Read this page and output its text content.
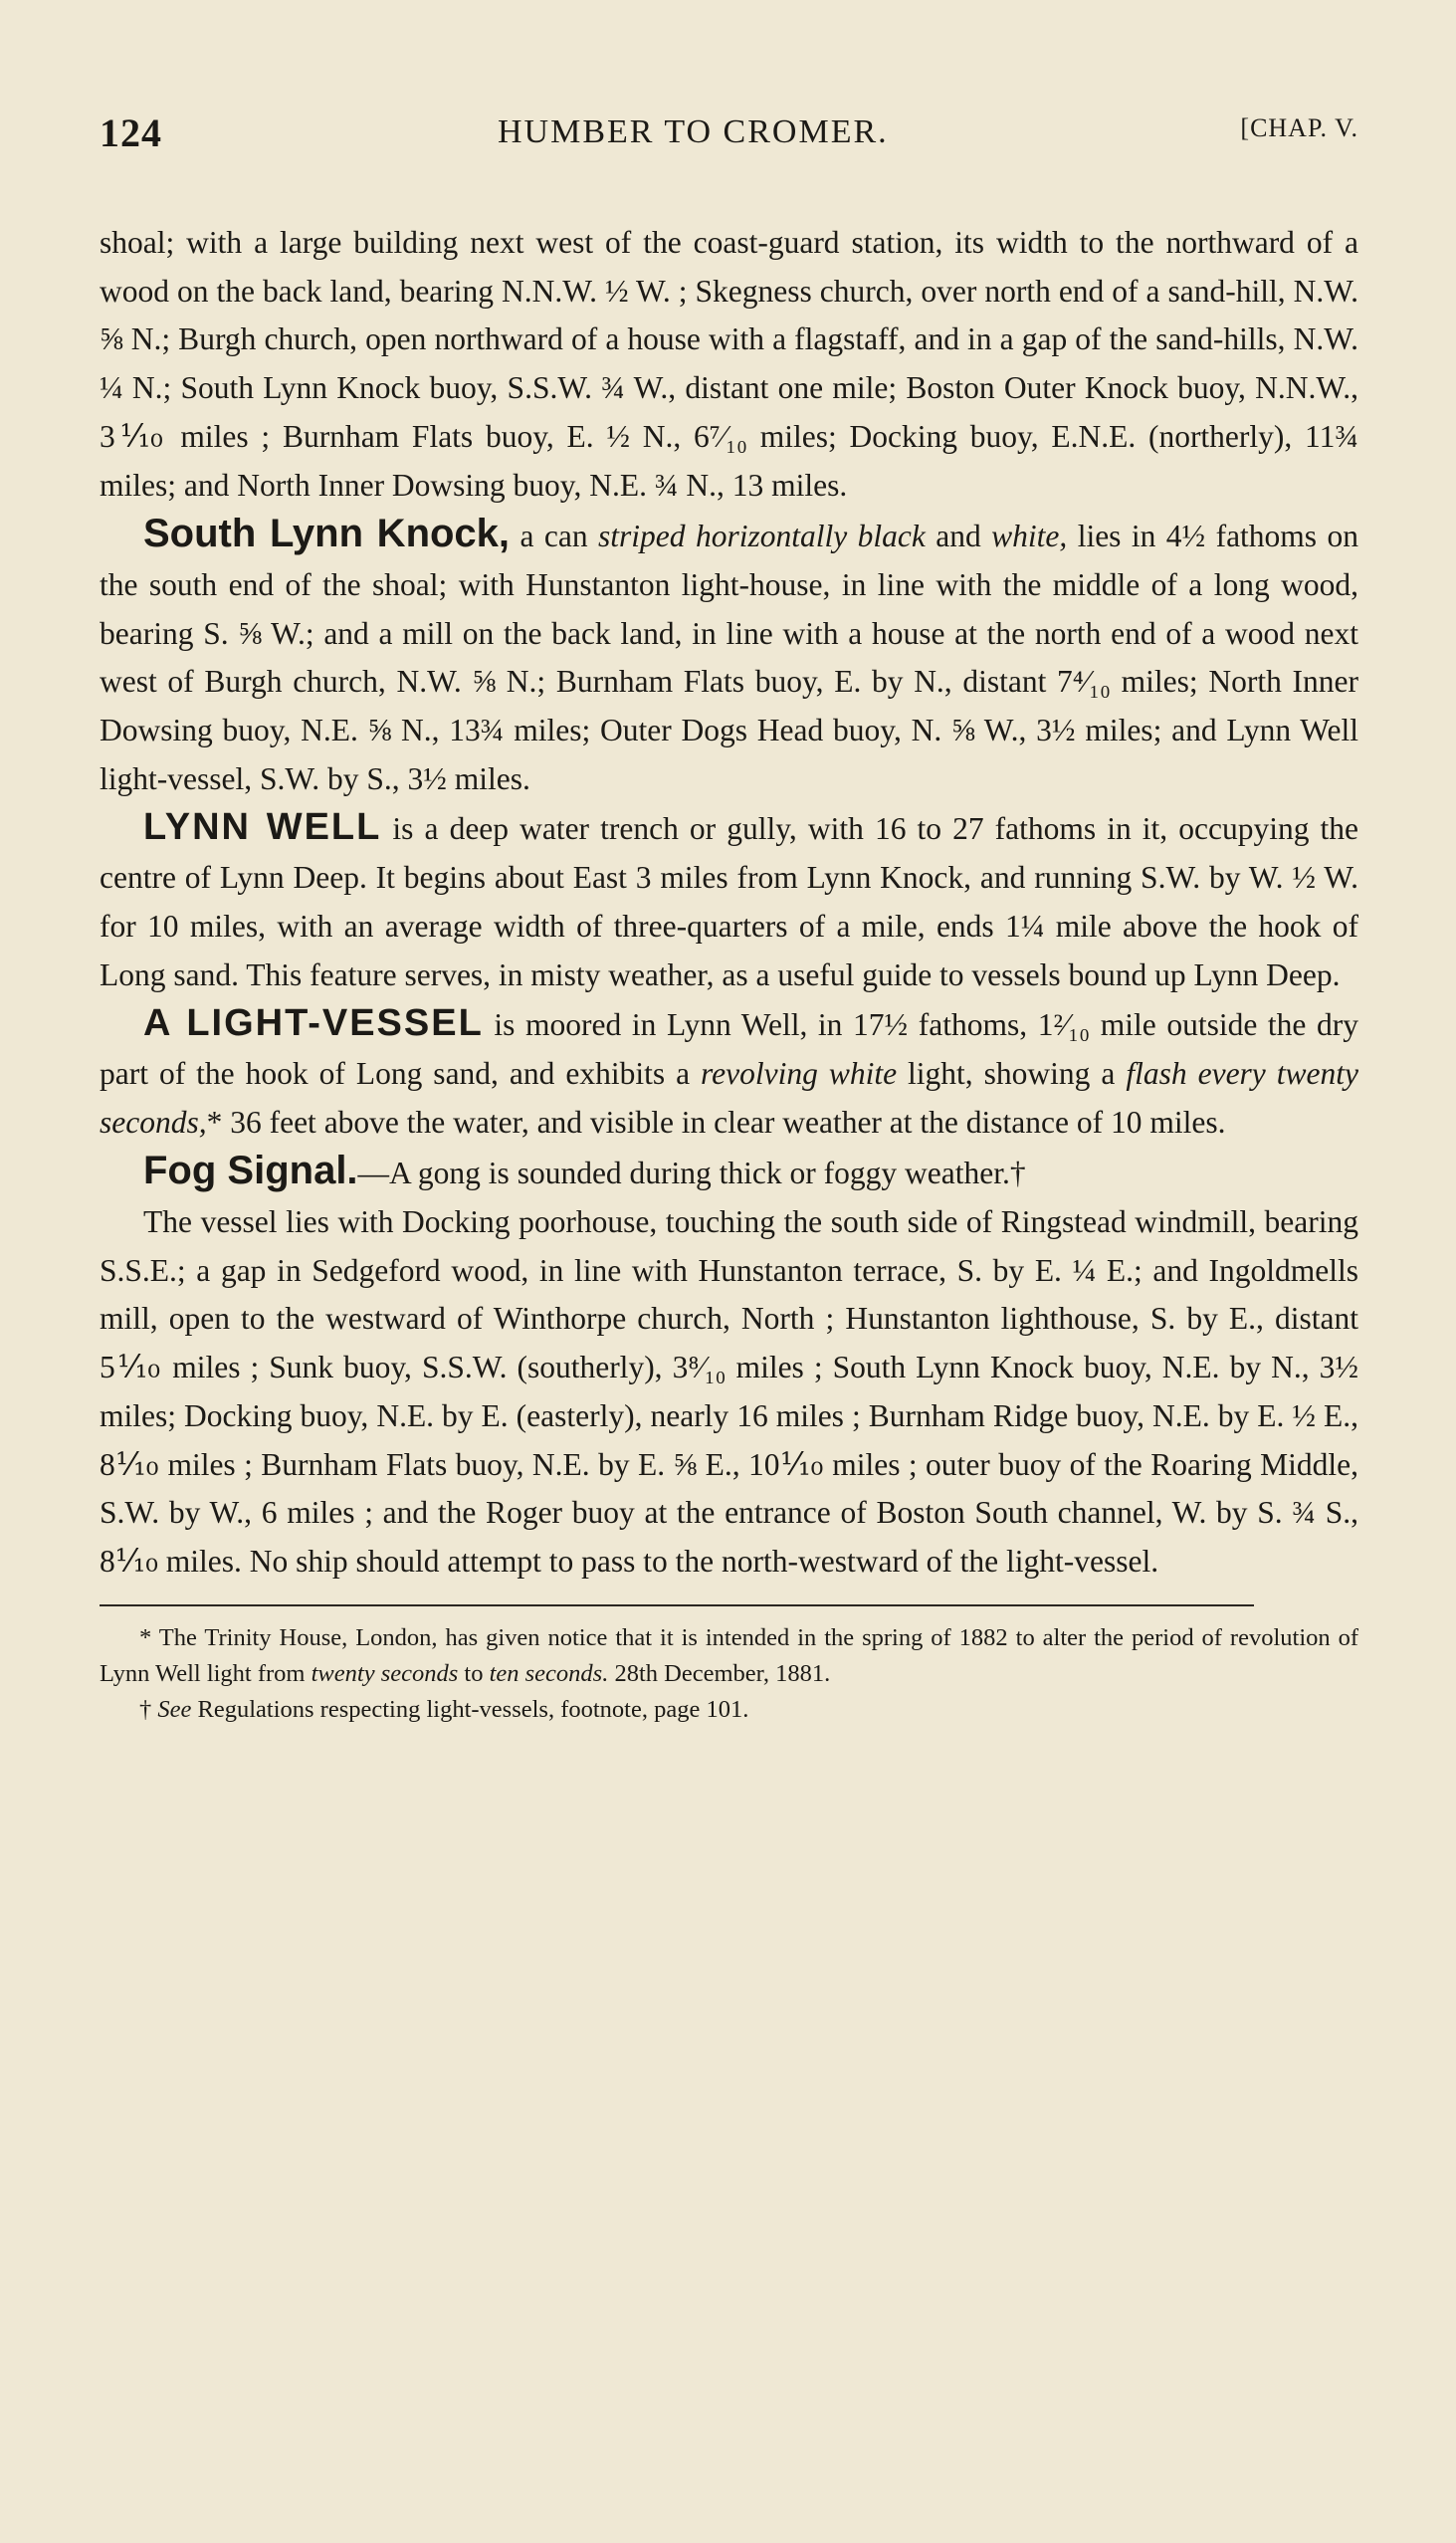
124	HUMBER TO CROMER.	[CHAP. V.

shoal; with a large building next west of the coast-guard station, its width to the northward of a wood on the back land, bearing N.N.W. ½ W. ; Skegness church, over north end of a sand-hill, N.W. ⅝ N.; Burgh church, open northward of a house with a flagstaff, and in a gap of the sand-hills, N.W. ¼ N.; South Lynn Knock buoy, S.S.W. ¾ W., distant one mile; Boston Outer Knock buoy, N.N.W., 3⅒ miles ; Burnham Flats buoy, E. ½ N., 6⁷⁄₁₀ miles; Docking buoy, E.N.E. (northerly), 11¾ miles; and North Inner Dowsing buoy, N.E. ¾ N., 13 miles.

South Lynn Knock, a can striped horizontally black and white, lies in 4½ fathoms on the south end of the shoal; with Hunstanton light-house, in line with the middle of a long wood, bearing S. ⅝ W.; and a mill on the back land, in line with a house at the north end of a wood next west of Burgh church, N.W. ⅝ N.; Burnham Flats buoy, E. by N., distant 7⁴⁄₁₀ miles; North Inner Dowsing buoy, N.E. ⅝ N., 13¾ miles; Outer Dogs Head buoy, N. ⅝ W., 3½ miles; and Lynn Well light-vessel, S.W. by S., 3½ miles.

LYNN WELL is a deep water trench or gully, with 16 to 27 fathoms in it, occupying the centre of Lynn Deep. It begins about East 3 miles from Lynn Knock, and running S.W. by W. ½ W. for 10 miles, with an average width of three-quarters of a mile, ends 1¼ mile above the hook of Long sand. This feature serves, in misty weather, as a useful guide to vessels bound up Lynn Deep.

A LIGHT-VESSEL is moored in Lynn Well, in 17½ fathoms, 1²⁄₁₀ mile outside the dry part of the hook of Long sand, and exhibits a revolving white light, showing a flash every twenty seconds,* 36 feet above the water, and visible in clear weather at the distance of 10 miles.

Fog Signal.—A gong is sounded during thick or foggy weather.†

The vessel lies with Docking poorhouse, touching the south side of Ringstead windmill, bearing S.S.E.; a gap in Sedgeford wood, in line with Hunstanton terrace, S. by E. ¼ E.; and Ingoldmells mill, open to the westward of Winthorpe church, North ; Hunstanton lighthouse, S. by E., distant 5⅒ miles ; Sunk buoy, S.S.W. (southerly), 3⁸⁄₁₀ miles ; South Lynn Knock buoy, N.E. by N., 3½ miles; Docking buoy, N.E. by E. (easterly), nearly 16 miles ; Burnham Ridge buoy, N.E. by E. ½ E., 8⅒ miles ; Burnham Flats buoy, N.E. by E. ⅝ E., 10⅒ miles ; outer buoy of the Roaring Middle, S.W. by W., 6 miles ; and the Roger buoy at the entrance of Boston South channel, W. by S. ¾ S., 8⅒ miles. No ship should attempt to pass to the north-westward of the light-vessel.

* The Trinity House, London, has given notice that it is intended in the spring of 1882 to alter the period of revolution of Lynn Well light from twenty seconds to ten seconds. 28th December, 1881.

† See Regulations respecting light-vessels, footnote, page 101.
